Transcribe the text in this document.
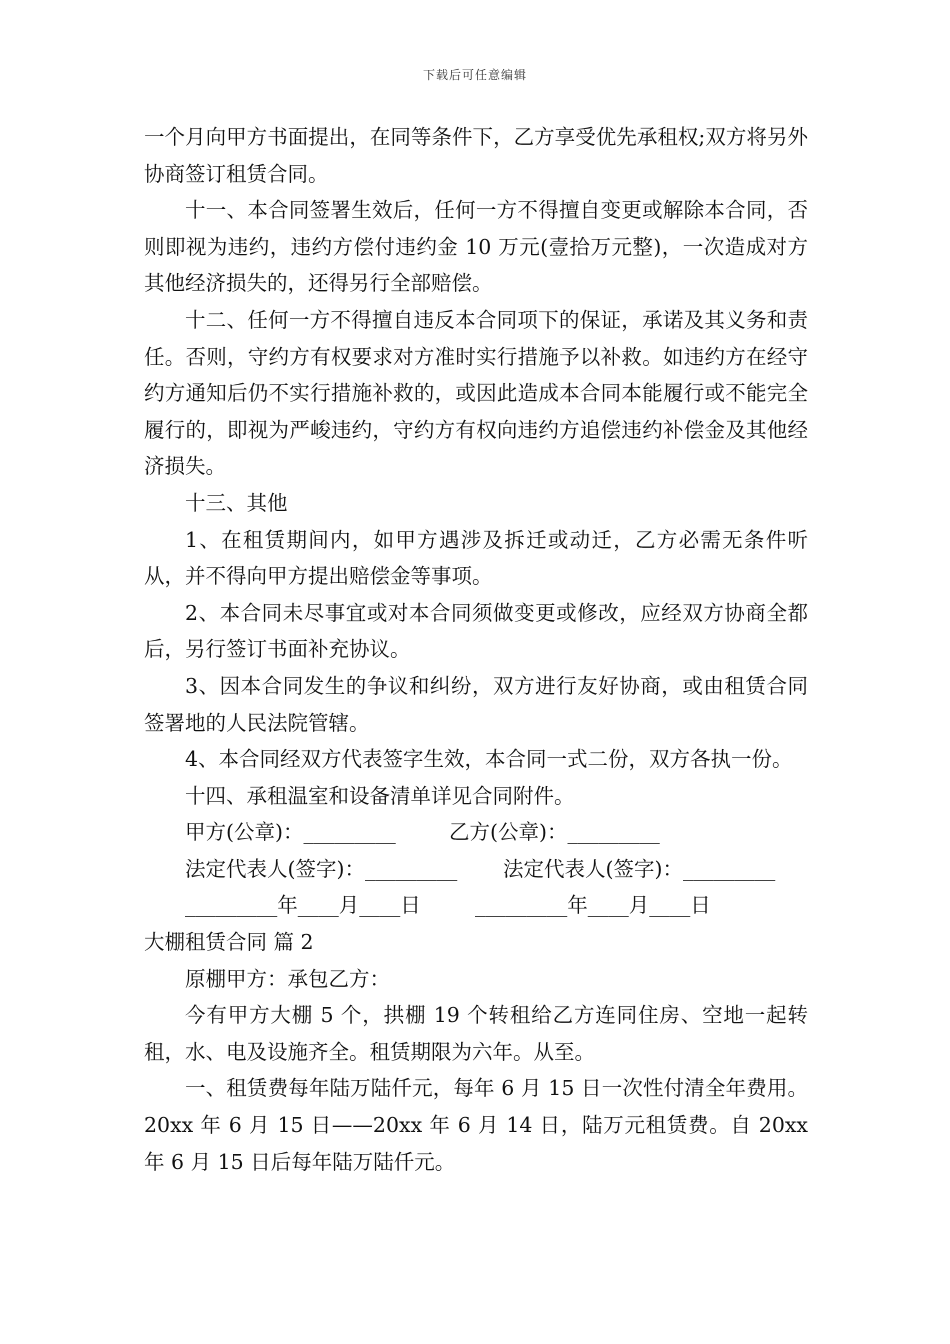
下载后可任意编辑

一个月向甲方书面提出，在同等条件下，乙方享受优先承租权;双方将另外协商签订租赁合同。

十一、本合同签署生效后，任何一方不得擅自变更或解除本合同，否则即视为违约，违约方偿付违约金 10 万元(壹拾万元整)，一次造成对方其他经济损失的，还得另行全部赔偿。

十二、任何一方不得擅自违反本合同项下的保证，承诺及其义务和责任。否则，守约方有权要求对方准时实行措施予以补救。如违约方在经守约方通知后仍不实行措施补救的，或因此造成本合同本能履行或不能完全履行的，即视为严峻违约，守约方有权向违约方追偿违约补偿金及其他经济损失。

十三、其他

1、在租赁期间内，如甲方遇涉及拆迁或动迁，乙方必需无条件听从，并不得向甲方提出赔偿金等事项。

2、本合同未尽事宜或对本合同须做变更或修改，应经双方协商全都后，另行签订书面补充协议。

3、因本合同发生的争议和纠纷，双方进行友好协商，或由租赁合同签署地的人民法院管辖。

4、本合同经双方代表签字生效，本合同一式二份，双方各执一份。

十四、承租温室和设备清单详见合同附件。

甲方(公章)：_________	乙方(公章)：_________

法定代表人(签字)：_________ 法定代表人(签字)：_________

_________年____月____日	_________年____月____日

大棚租赁合同 篇 2

原棚甲方：承包乙方：

今有甲方大棚 5 个，拱棚 19 个转租给乙方连同住房、空地一起转租，水、电及设施齐全。租赁期限为六年。从至。

一、租赁费每年陆万陆仟元，每年 6 月 15 日一次性付清全年费用。 20xx 年 6 月 15 日——20xx 年 6 月 14 日，陆万元租赁费。自 20xx 年 6 月 15 日后每年陆万陆仟元。
